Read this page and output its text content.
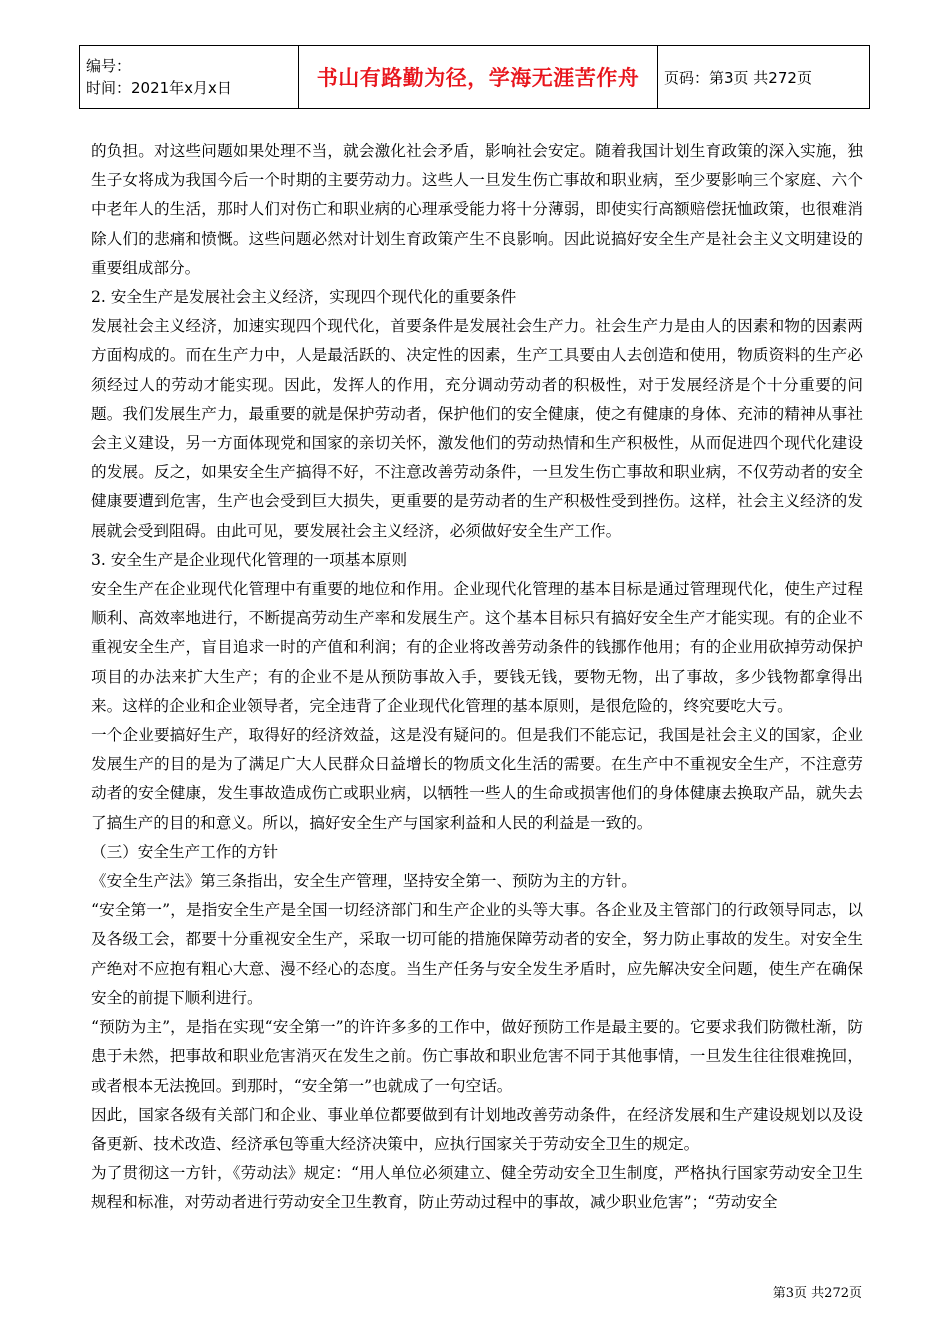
编号：
时间：2021年x月x日	书山有路勤为径，学海无涯苦作舟	页码：第3页 共272页

的负担。对这些问题如果处理不当，就会激化社会矛盾，影响社会安定。随着我国计划生育政策的深入实施，独生子女将成为我国今后一个时期的主要劳动力。这些人一旦发生伤亡事故和职业病，至少要影响三个家庭、六个中老年人的生活，那时人们对伤亡和职业病的心理承受能力将十分薄弱，即使实行高额赔偿抚恤政策，也很难消除人们的悲痛和愤慨。这些问题必然对计划生育政策产生不良影响。因此说搞好安全生产是社会主义文明建设的重要组成部分。

2. 安全生产是发展社会主义经济，实现四个现代化的重要条件

发展社会主义经济，加速实现四个现代化，首要条件是发展社会生产力。社会生产力是由人的因素和物的因素两方面构成的。而在生产力中，人是最活跃的、决定性的因素，生产工具要由人去创造和使用，物质资料的生产必须经过人的劳动才能实现。因此，发挥人的作用，充分调动劳动者的积极性，对于发展经济是个十分重要的问题。我们发展生产力，最重要的就是保护劳动者，保护他们的安全健康，使之有健康的身体、充沛的精神从事社会主义建设，另一方面体现党和国家的亲切关怀，激发他们的劳动热情和生产积极性，从而促进四个现代化建设的发展。反之，如果安全生产搞得不好，不注意改善劳动条件，一旦发生伤亡事故和职业病，不仅劳动者的安全健康要遭到危害，生产也会受到巨大损失，更重要的是劳动者的生产积极性受到挫伤。这样，社会主义经济的发展就会受到阻碍。由此可见，要发展社会主义经济，必须做好安全生产工作。

3. 安全生产是企业现代化管理的一项基本原则

安全生产在企业现代化管理中有重要的地位和作用。企业现代化管理的基本目标是通过管理现代化，使生产过程顺利、高效率地进行，不断提高劳动生产率和发展生产。这个基本目标只有搞好安全生产才能实现。有的企业不重视安全生产，盲目追求一时的产值和利润；有的企业将改善劳动条件的钱挪作他用；有的企业用砍掉劳动保护项目的办法来扩大生产；有的企业不是从预防事故入手，要钱无钱，要物无物，出了事故，多少钱物都拿得出来。这样的企业和企业领导者，完全违背了企业现代化管理的基本原则，是很危险的，终究要吃大亏。

一个企业要搞好生产，取得好的经济效益，这是没有疑问的。但是我们不能忘记，我国是社会主义的国家，企业发展生产的目的是为了满足广大人民群众日益增长的物质文化生活的需要。在生产中不重视安全生产，不注意劳动者的安全健康，发生事故造成伤亡或职业病，以牺牲一些人的生命或损害他们的身体健康去换取产品，就失去了搞生产的目的和意义。所以，搞好安全生产与国家利益和人民的利益是一致的。

（三）安全生产工作的方针

《安全生产法》第三条指出，安全生产管理，坚持安全第一、预防为主的方针。

“安全第一”，是指安全生产是全国一切经济部门和生产企业的头等大事。各企业及主管部门的行政领导同志，以及各级工会，都要十分重视安全生产，采取一切可能的措施保障劳动者的安全，努力防止事故的发生。对安全生产绝对不应抱有粗心大意、漫不经心的态度。当生产任务与安全发生矛盾时，应先解决安全问题，使生产在确保安全的前提下顺利进行。

“预防为主”，是指在实现“安全第一”的许许多多的工作中，做好预防工作是最主要的。它要求我们防微杜渐，防患于未然，把事故和职业危害消灭在发生之前。伤亡事故和职业危害不同于其他事情，一旦发生往往很难挽回，或者根本无法挽回。到那时，“安全第一”也就成了一句空话。

因此，国家各级有关部门和企业、事业单位都要做到有计划地改善劳动条件，在经济发展和生产建设规划以及设备更新、技术改造、经济承包等重大经济决策中，应执行国家关于劳动安全卫生的规定。

为了贯彻这一方针，《劳动法》规定：“用人单位必须建立、健全劳动安全卫生制度，严格执行国家劳动安全卫生规程和标准，对劳动者进行劳动安全卫生教育，防止劳动过程中的事故，减少职业危害”；“劳动安全

第3页 共272页
